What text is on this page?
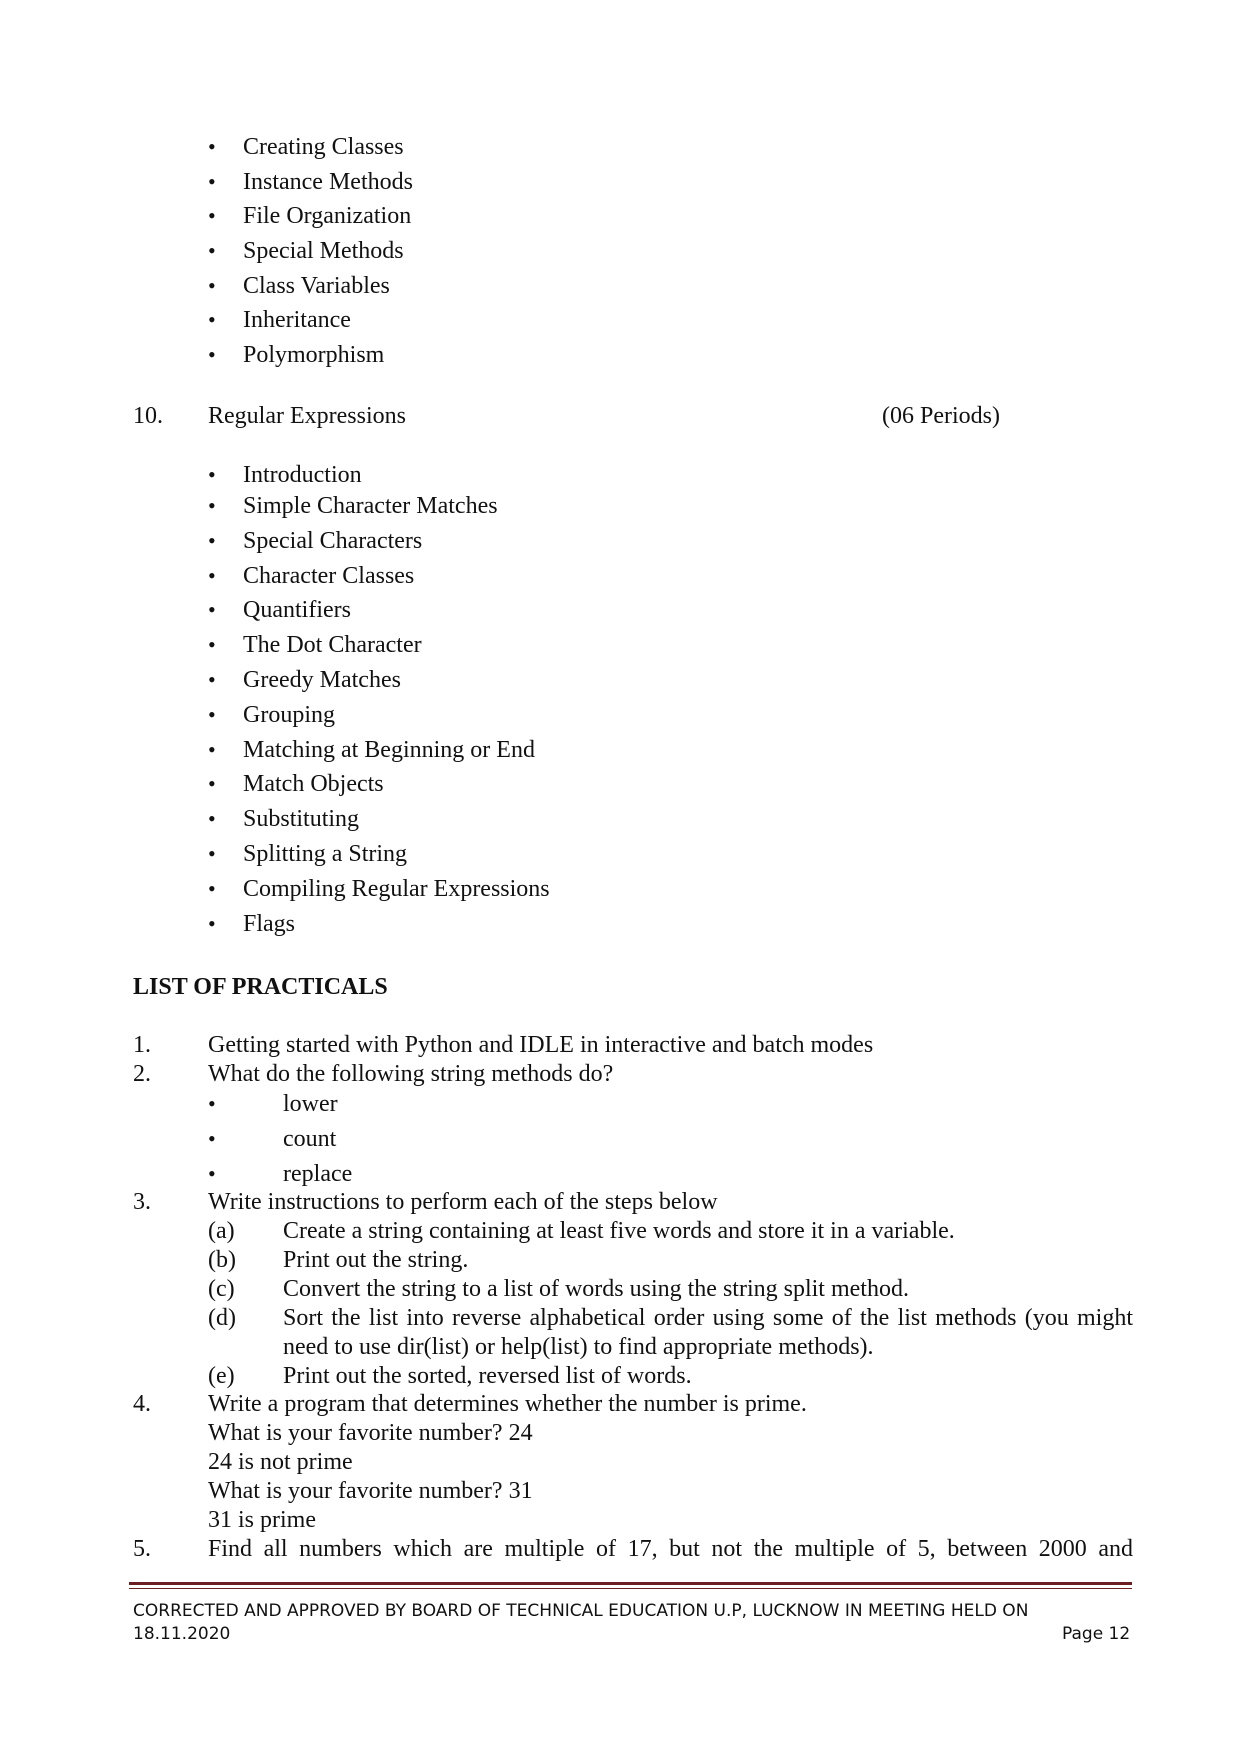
• Creating Classes
• Instance Methods
• File Organization
• Special Methods
• Class Variables
• Inheritance
• Polymorphism
10. Regular Expressions	(06 Periods)
• Introduction
• Simple Character Matches
• Special Characters
• Character Classes
• Quantifiers
• The Dot Character
• Greedy Matches
• Grouping
• Matching at Beginning or End
• Match Objects
• Substituting
• Splitting a String
• Compiling Regular Expressions
• Flags
LIST OF PRACTICALS
1. Getting started with Python and IDLE in interactive and batch modes
2. What do the following string methods do?
•	lower
•	count
•	replace
3. Write instructions to perform each of the steps below
(a) Create a string containing at least five words and store it in a variable.
(b) Print out the string.
(c) Convert the string to a list of words using the string split method.
(d) Sort the list into reverse alphabetical order using some of the list methods (you might
need to use dir(list) or help(list) to find appropriate methods).
(e) Print out the sorted, reversed list of words.
4. Write a program that determines whether the number is prime.
What is your favorite number? 24
24 is not prime
What is your favorite number? 31
31 is prime
5. Find all numbers which are multiple of 17, but not the multiple of 5, between 2000 and
CORRECTED AND APPROVED BY BOARD OF TECHNICAL EDUCATION U.P, LUCKNOW IN MEETING HELD ON
18.11.2020	Page 12
